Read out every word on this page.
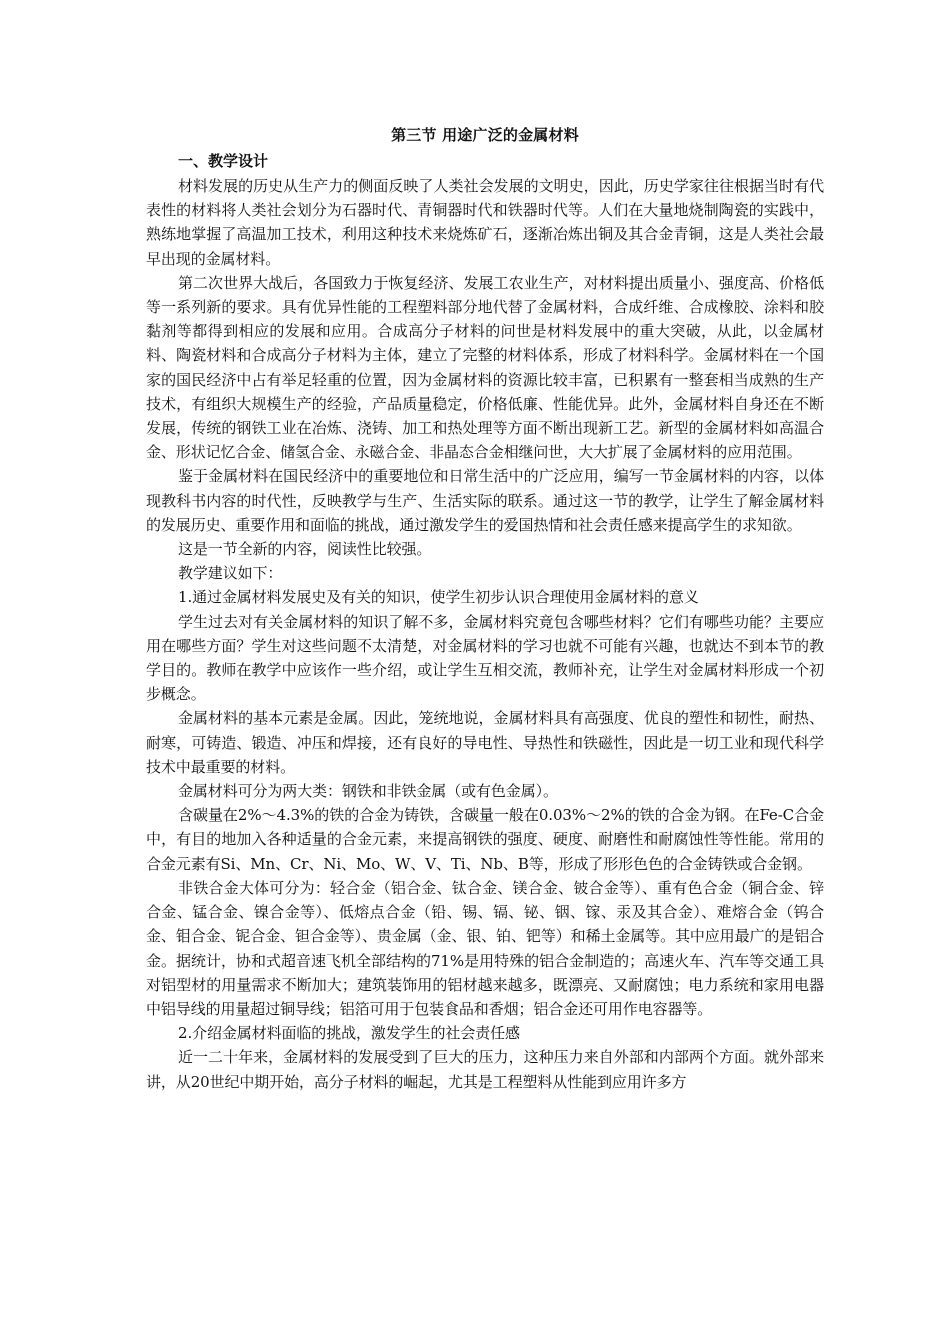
第三节 用途广泛的金属材料
一、教学设计

材料发展的历史从生产力的侧面反映了人类社会发展的文明史，因此，历史学家往往根据当时有代表性的材料将人类社会划分为石器时代、青铜器时代和铁器时代等。人们在大量地烧制陶瓷的实践中，熟练地掌握了高温加工技术，利用这种技术来烧炼矿石，逐渐冶炼出铜及其合金青铜，这是人类社会最早出现的金属材料。

第二次世界大战后，各国致力于恢复经济、发展工农业生产，对材料提出质量小、强度高、价格低等一系列新的要求。具有优异性能的工程塑料部分地代替了金属材料，合成纤维、合成橡胶、涂料和胶黏剂等都得到相应的发展和应用。合成高分子材料的问世是材料发展中的重大突破，从此，以金属材料、陶瓷材料和合成高分子材料为主体，建立了完整的材料体系，形成了材料科学。金属材料在一个国家的国民经济中占有举足轻重的位置，因为金属材料的资源比较丰富，已积累有一整套相当成熟的生产技术，有组织大规模生产的经验，产品质量稳定，价格低廉、性能优异。此外，金属材料自身还在不断发展，传统的钢铁工业在冶炼、浇铸、加工和热处理等方面不断出现新工艺。新型的金属材料如高温合金、形状记忆合金、储氢合金、永磁合金、非晶态合金相继问世，大大扩展了金属材料的应用范围。

鉴于金属材料在国民经济中的重要地位和日常生活中的广泛应用，编写一节金属材料的内容，以体现教科书内容的时代性，反映教学与生产、生活实际的联系。通过这一节的教学，让学生了解金属材料的发展历史、重要作用和面临的挑战，通过激发学生的爱国热情和社会责任感来提高学生的求知欲。

这是一节全新的内容，阅读性比较强。

教学建议如下：

1.通过金属材料发展史及有关的知识，使学生初步认识合理使用金属材料的意义

学生过去对有关金属材料的知识了解不多，金属材料究竟包含哪些材料？它们有哪些功能？主要应用在哪些方面？学生对这些问题不太清楚，对金属材料的学习也就不可能有兴趣，也就达不到本节的教学目的。教师在教学中应该作一些介绍，或让学生互相交流，教师补充，让学生对金属材料形成一个初步概念。

金属材料的基本元素是金属。因此，笼统地说，金属材料具有高强度、优良的塑性和韧性，耐热、耐寒，可铸造、锻造、冲压和焊接，还有良好的导电性、导热性和铁磁性，因此是一切工业和现代科学技术中最重要的材料。

金属材料可分为两大类：钢铁和非铁金属（或有色金属）。

含碳量在2%～4.3%的铁的合金为铸铁，含碳量一般在0.03%～2%的铁的合金为钢。在Fe-C合金中，有目的地加入各种适量的合金元素，来提高钢铁的强度、硬度、耐磨性和耐腐蚀性等性能。常用的合金元素有Si、Mn、Cr、Ni、Mo、W、V、Ti、Nb、B等，形成了形形色色的合金铸铁或合金钢。

非铁合金大体可分为：轻合金（铝合金、钛合金、镁合金、铍合金等）、重有色合金（铜合金、锌合金、锰合金、镍合金等）、低熔点合金（铅、锡、镉、铋、铟、镓、汞及其合金）、难熔合金（钨合金、钼合金、铌合金、钽合金等）、贵金属（金、银、铂、钯等）和稀土金属等。其中应用最广的是铝合金。据统计，协和式超音速飞机全部结构的71%是用特殊的铝合金制造的；高速火车、汽车等交通工具对铝型材的用量需求不断加大；建筑装饰用的铝材越来越多，既漂亮、又耐腐蚀；电力系统和家用电器中铝导线的用量超过铜导线；铝箔可用于包装食品和香烟；铝合金还可用作电容器等。

2.介绍金属材料面临的挑战，激发学生的社会责任感

近一二十年来，金属材料的发展受到了巨大的压力，这种压力来自外部和内部两个方面。就外部来讲，从20世纪中期开始，高分子材料的崛起，尤其是工程塑料从性能到应用许多方
